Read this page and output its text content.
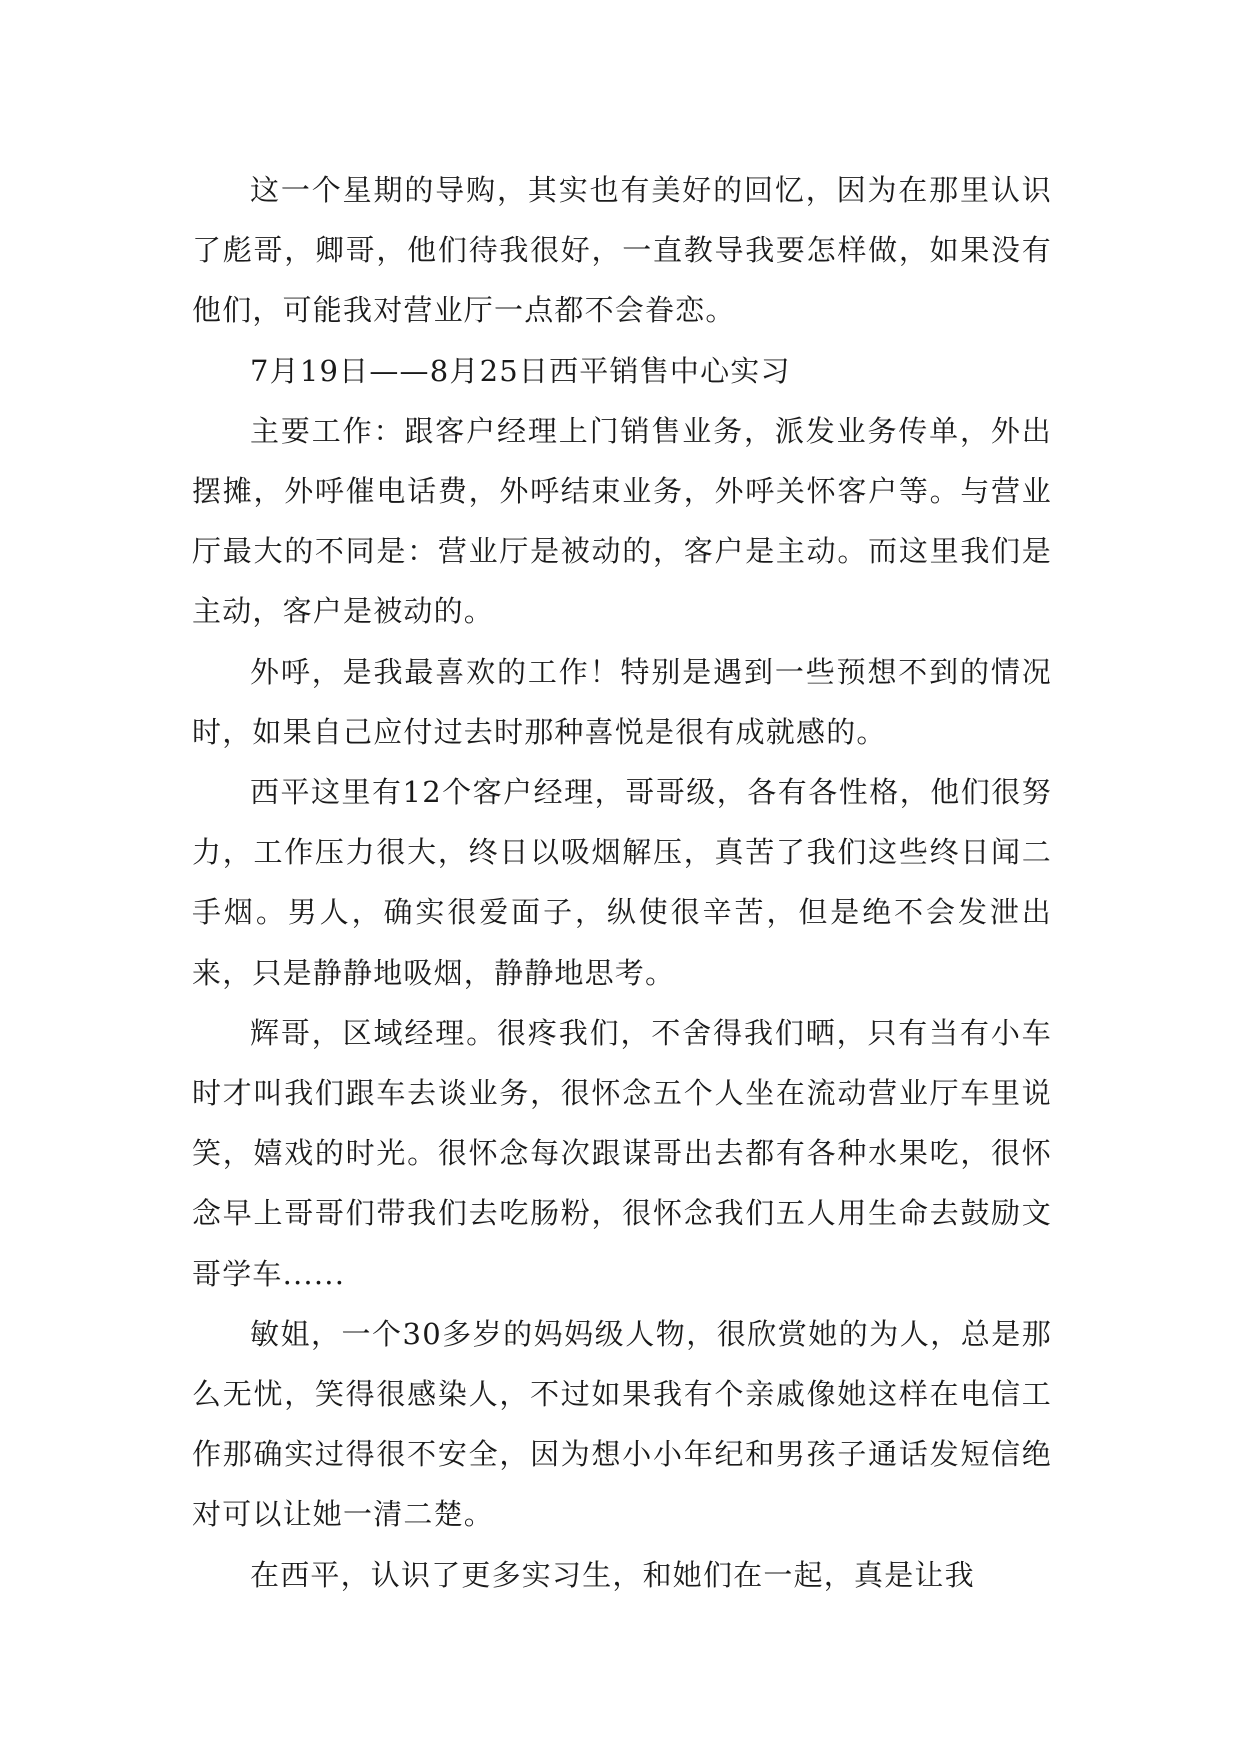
这一个星期的导购，其实也有美好的回忆，因为在那里认识了彪哥，卿哥，他们待我很好，一直教导我要怎样做，如果没有他们，可能我对营业厅一点都不会眷恋。

7月19日——8月25日西平销售中心实习

主要工作：跟客户经理上门销售业务，派发业务传单，外出摆摊，外呼催电话费，外呼结束业务，外呼关怀客户等。与营业厅最大的不同是：营业厅是被动的，客户是主动。而这里我们是主动，客户是被动的。

外呼，是我最喜欢的工作！特别是遇到一些预想不到的情况时，如果自己应付过去时那种喜悦是很有成就感的。

西平这里有12个客户经理，哥哥级，各有各性格，他们很努力，工作压力很大，终日以吸烟解压，真苦了我们这些终日闻二手烟。男人，确实很爱面子，纵使很辛苦，但是绝不会发泄出来，只是静静地吸烟，静静地思考。

辉哥，区域经理。很疼我们，不舍得我们晒，只有当有小车时才叫我们跟车去谈业务，很怀念五个人坐在流动营业厅车里说笑，嬉戏的时光。很怀念每次跟谋哥出去都有各种水果吃，很怀念早上哥哥们带我们去吃肠粉，很怀念我们五人用生命去鼓励文哥学车......

敏姐，一个30多岁的妈妈级人物，很欣赏她的为人，总是那么无忧，笑得很感染人，不过如果我有个亲戚像她这样在电信工作那确实过得很不安全，因为想小小年纪和男孩子通话发短信绝对可以让她一清二楚。

在西平，认识了更多实习生，和她们在一起，真是让我
